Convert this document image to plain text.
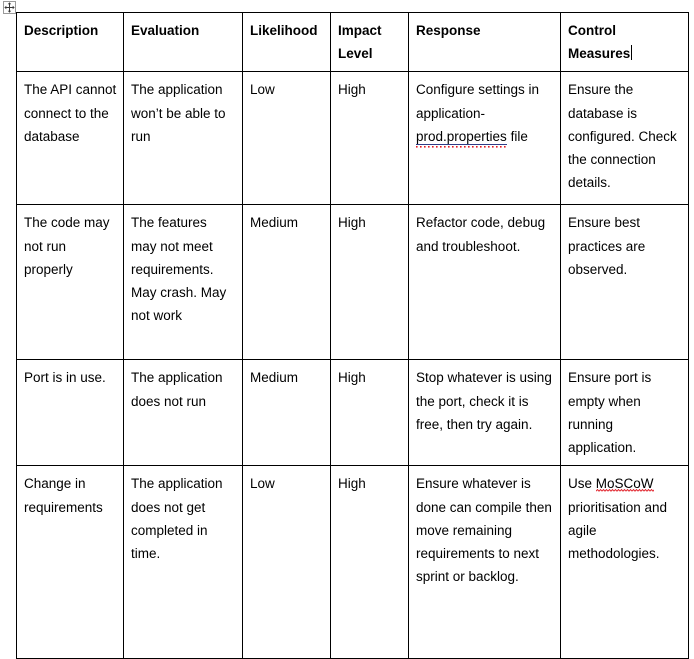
Description	Evaluation	Likelihood	Impact Level	Response	Control Measures
The API cannot connect to the database	The application won’t be able to run	Low	High	Configure settings in application-prod.properties file	Ensure the database is configured. Check the connection details.
The code may not run properly	The features may not meet requirements. May crash. May not work	Medium	High	Refactor code, debug and troubleshoot.	Ensure best practices are observed.
Port is in use.	The application does not run	Medium	High	Stop whatever is using the port, check it is free, then try again.	Ensure port is empty when running application.
Change in requirements	The application does not get completed in time.	Low	High	Ensure whatever is done can compile then move remaining requirements to next sprint or backlog.	Use MoSCoW prioritisation and agile methodologies.
